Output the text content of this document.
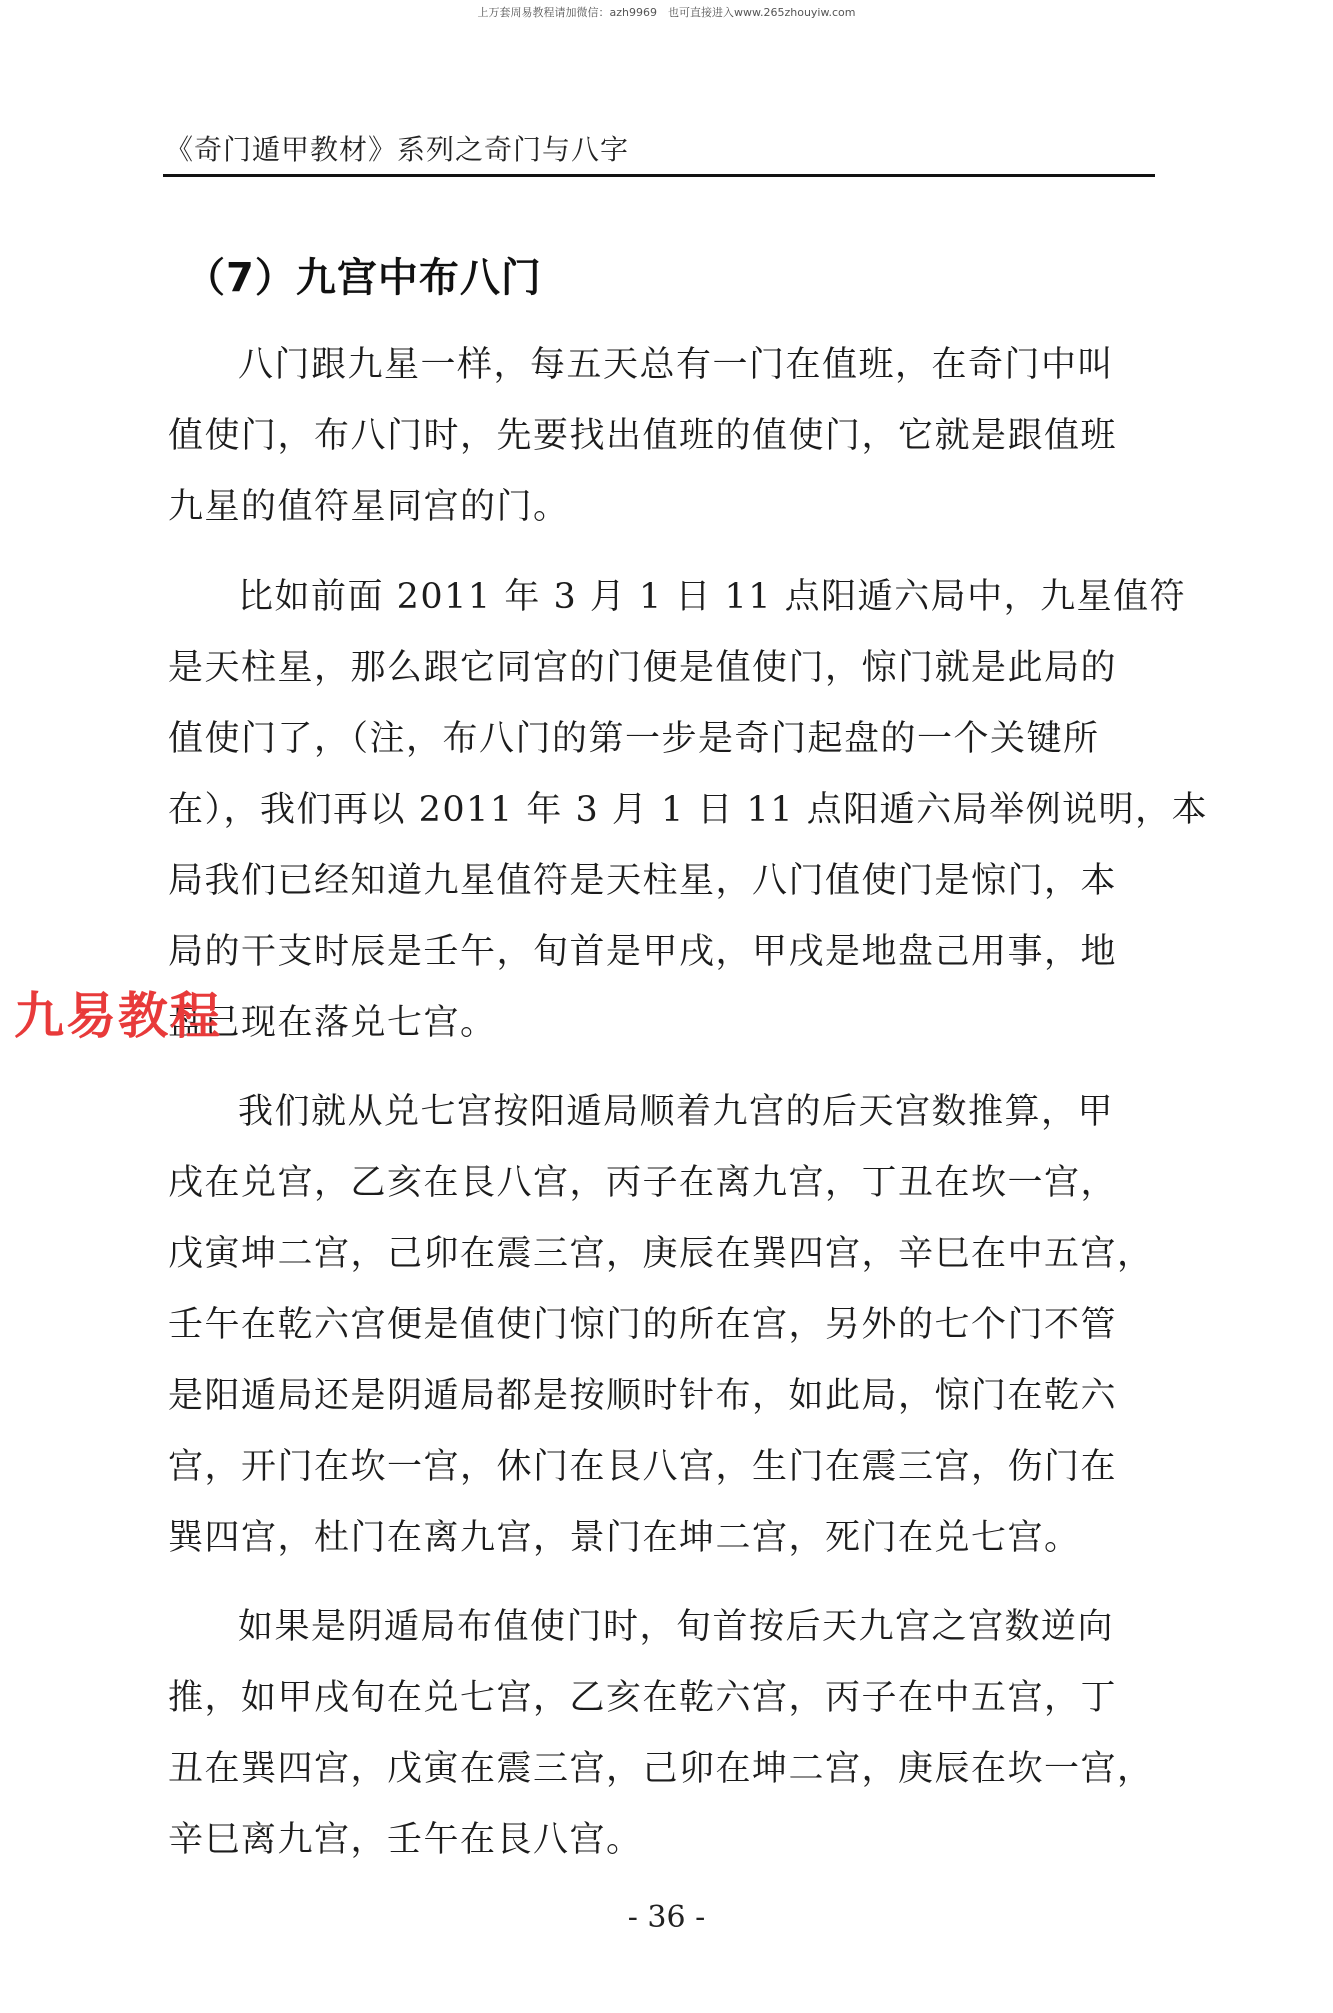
上万套周易教程请加微信：azh9969　也可直接进入www.265zhouyiw.com
《奇门遁甲教材》系列之奇门与八字
（7）九宫中布八门
八门跟九星一样，每五天总有一门在值班，在奇门中叫
值使门，布八门时，先要找出值班的值使门，它就是跟值班
九星的值符星同宫的门。
比如前面 2011 年 3 月 1 日 11 点阳遁六局中，九星值符
是天柱星，那么跟它同宫的门便是值使门，惊门就是此局的
值使门了，（注，布八门的第一步是奇门起盘的一个关键所
在），我们再以 2011 年 3 月 1 日 11 点阳遁六局举例说明，本
局我们已经知道九星值符是天柱星，八门值使门是惊门，本
局的干支时辰是壬午，旬首是甲戌，甲戌是地盘己用事，地
盘己现在落兑七宫。
我们就从兑七宫按阳遁局顺着九宫的后天宫数推算，甲
戌在兑宫，乙亥在艮八宫，丙子在离九宫，丁丑在坎一宫，
戊寅坤二宫，己卯在震三宫，庚辰在巽四宫，辛巳在中五宫，
壬午在乾六宫便是值使门惊门的所在宫，另外的七个门不管
是阳遁局还是阴遁局都是按顺时针布，如此局，惊门在乾六
宫，开门在坎一宫，休门在艮八宫，生门在震三宫，伤门在
巽四宫，杜门在离九宫，景门在坤二宫，死门在兑七宫。
如果是阴遁局布值使门时，旬首按后天九宫之宫数逆向
推，如甲戌旬在兑七宫，乙亥在乾六宫，丙子在中五宫，丁
丑在巽四宫，戊寅在震三宫，己卯在坤二宫，庚辰在坎一宫，
辛巳离九宫，壬午在艮八宫。
九易教程
- 36 -
